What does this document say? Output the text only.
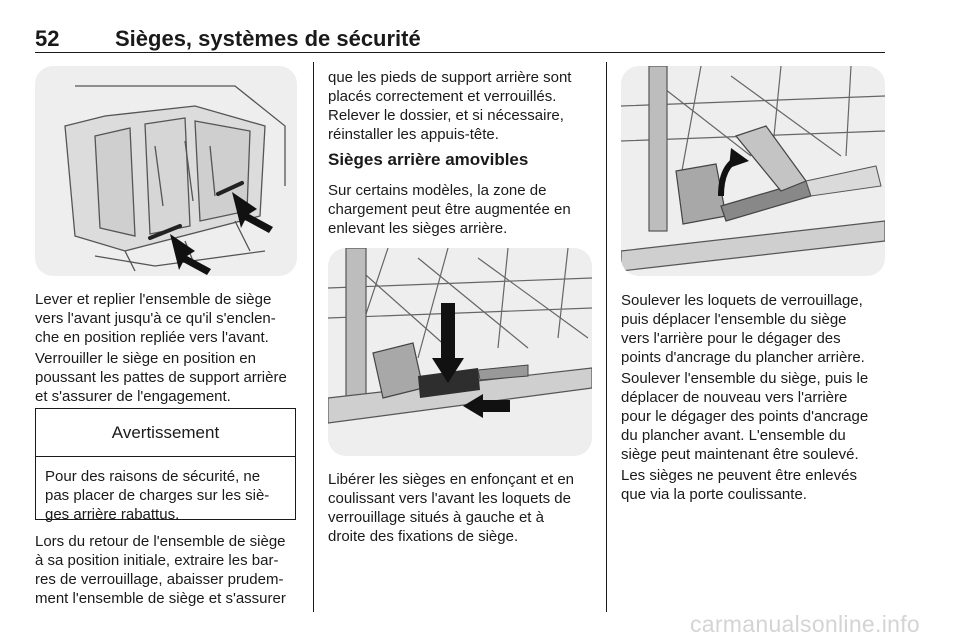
52	Sièges, systèmes de sécurité

Lever et replier l'ensemble de siège

vers l'avant jusqu'à ce qu'il s'enclen-

che en position repliée vers l'avant.

Verrouiller le siège en position en

poussant les pattes de support arrière

et s'assurer de l'engagement.

Avertissement

Pour des raisons de sécurité, ne

pas placer de charges sur les siè-

ges arrière rabattus.

Lors du retour de l'ensemble de siège

à sa position initiale, extraire les bar-

res de verrouillage, abaisser prudem-

ment l'ensemble de siège et s'assurer

que les pieds de support arrière sont

placés correctement et verrouillés.

Relever le dossier, et si nécessaire,

réinstaller les appuis-tête.

Sièges arrière amovibles

Sur certains modèles, la zone de

chargement peut être augmentée en

enlevant les sièges arrière.

Libérer les sièges en enfonçant et en

coulissant vers l'avant les loquets de

verrouillage situés à gauche et à

droite des fixations de siège.

Soulever les loquets de verrouillage,

puis déplacer l'ensemble du siège

vers l'arrière pour le dégager des

points d'ancrage du plancher arrière.

Soulever l'ensemble du siège, puis le

déplacer de nouveau vers l'arrière

pour le dégager des points d'ancrage

du plancher avant. L'ensemble du

siège peut maintenant être soulevé.

Les sièges ne peuvent être enlevés

que via la porte coulissante.

carmanualsonline.info
